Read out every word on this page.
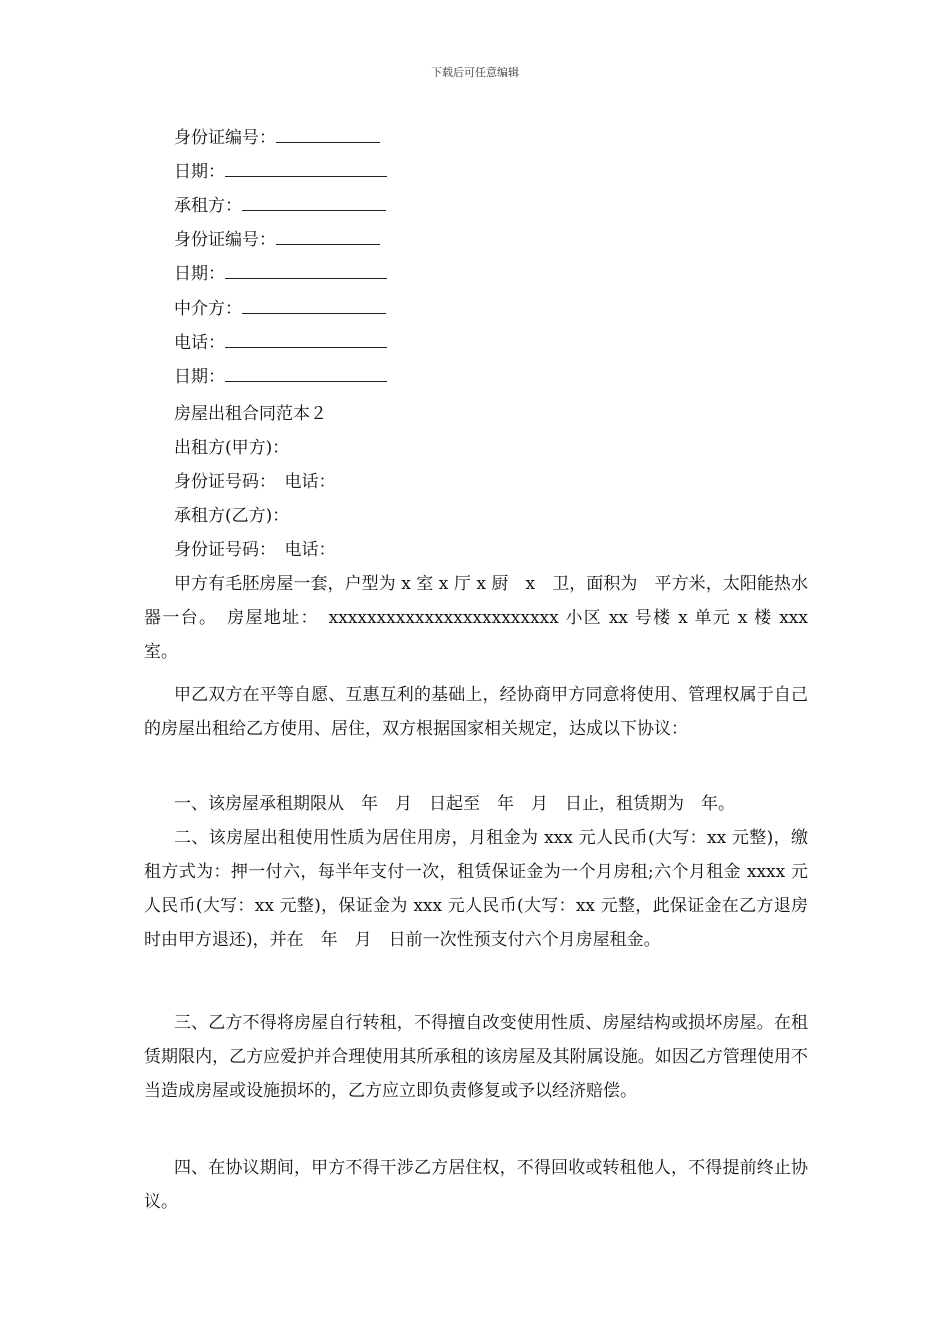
下载后可任意编辑
身份证编号：
日期：
承租方：
身份证编号：
日期：
中介方：
电话：
日期：
房屋出租合同范本２
出租方(甲方)：
身份证号码：　电话：
承租方(乙方)：
身份证号码：　电话：
甲方有毛胚房屋一套，户型为 x 室 x 厅 x 厨　x　卫，面积为　平方米，太阳能热水器一台。　房屋地址：　xxxxxxxxxxxxxxxxxxxxxxxx 小区 xx 号楼 x 单元 x 楼 xxx 室。
甲乙双方在平等自愿、互惠互利的基础上，经协商甲方同意将使用、管理权属于自己的房屋出租给乙方使用、居住，双方根据国家相关规定，达成以下协议：
一、该房屋承租期限从　年　月　日起至　年　月　日止，租赁期为　年。
二、该房屋出租使用性质为居住用房，月租金为 xxx 元人民币(大写：xx 元整)，缴租方式为：押一付六，每半年支付一次，租赁保证金为一个月房租;六个月租金 xxxx 元人民币(大写：xx 元整)，保证金为 xxx 元人民币(大写：xx 元整，此保证金在乙方退房时由甲方退还)，并在　年　月　日前一次性预支付六个月房屋租金。
三、乙方不得将房屋自行转租，不得擅自改变使用性质、房屋结构或损坏房屋。在租赁期限内，乙方应爱护并合理使用其所承租的该房屋及其附属设施。如因乙方管理使用不当造成房屋或设施损坏的，乙方应立即负责修复或予以经济赔偿。
四、在协议期间，甲方不得干涉乙方居住权，不得回收或转租他人，不得提前终止协议。
